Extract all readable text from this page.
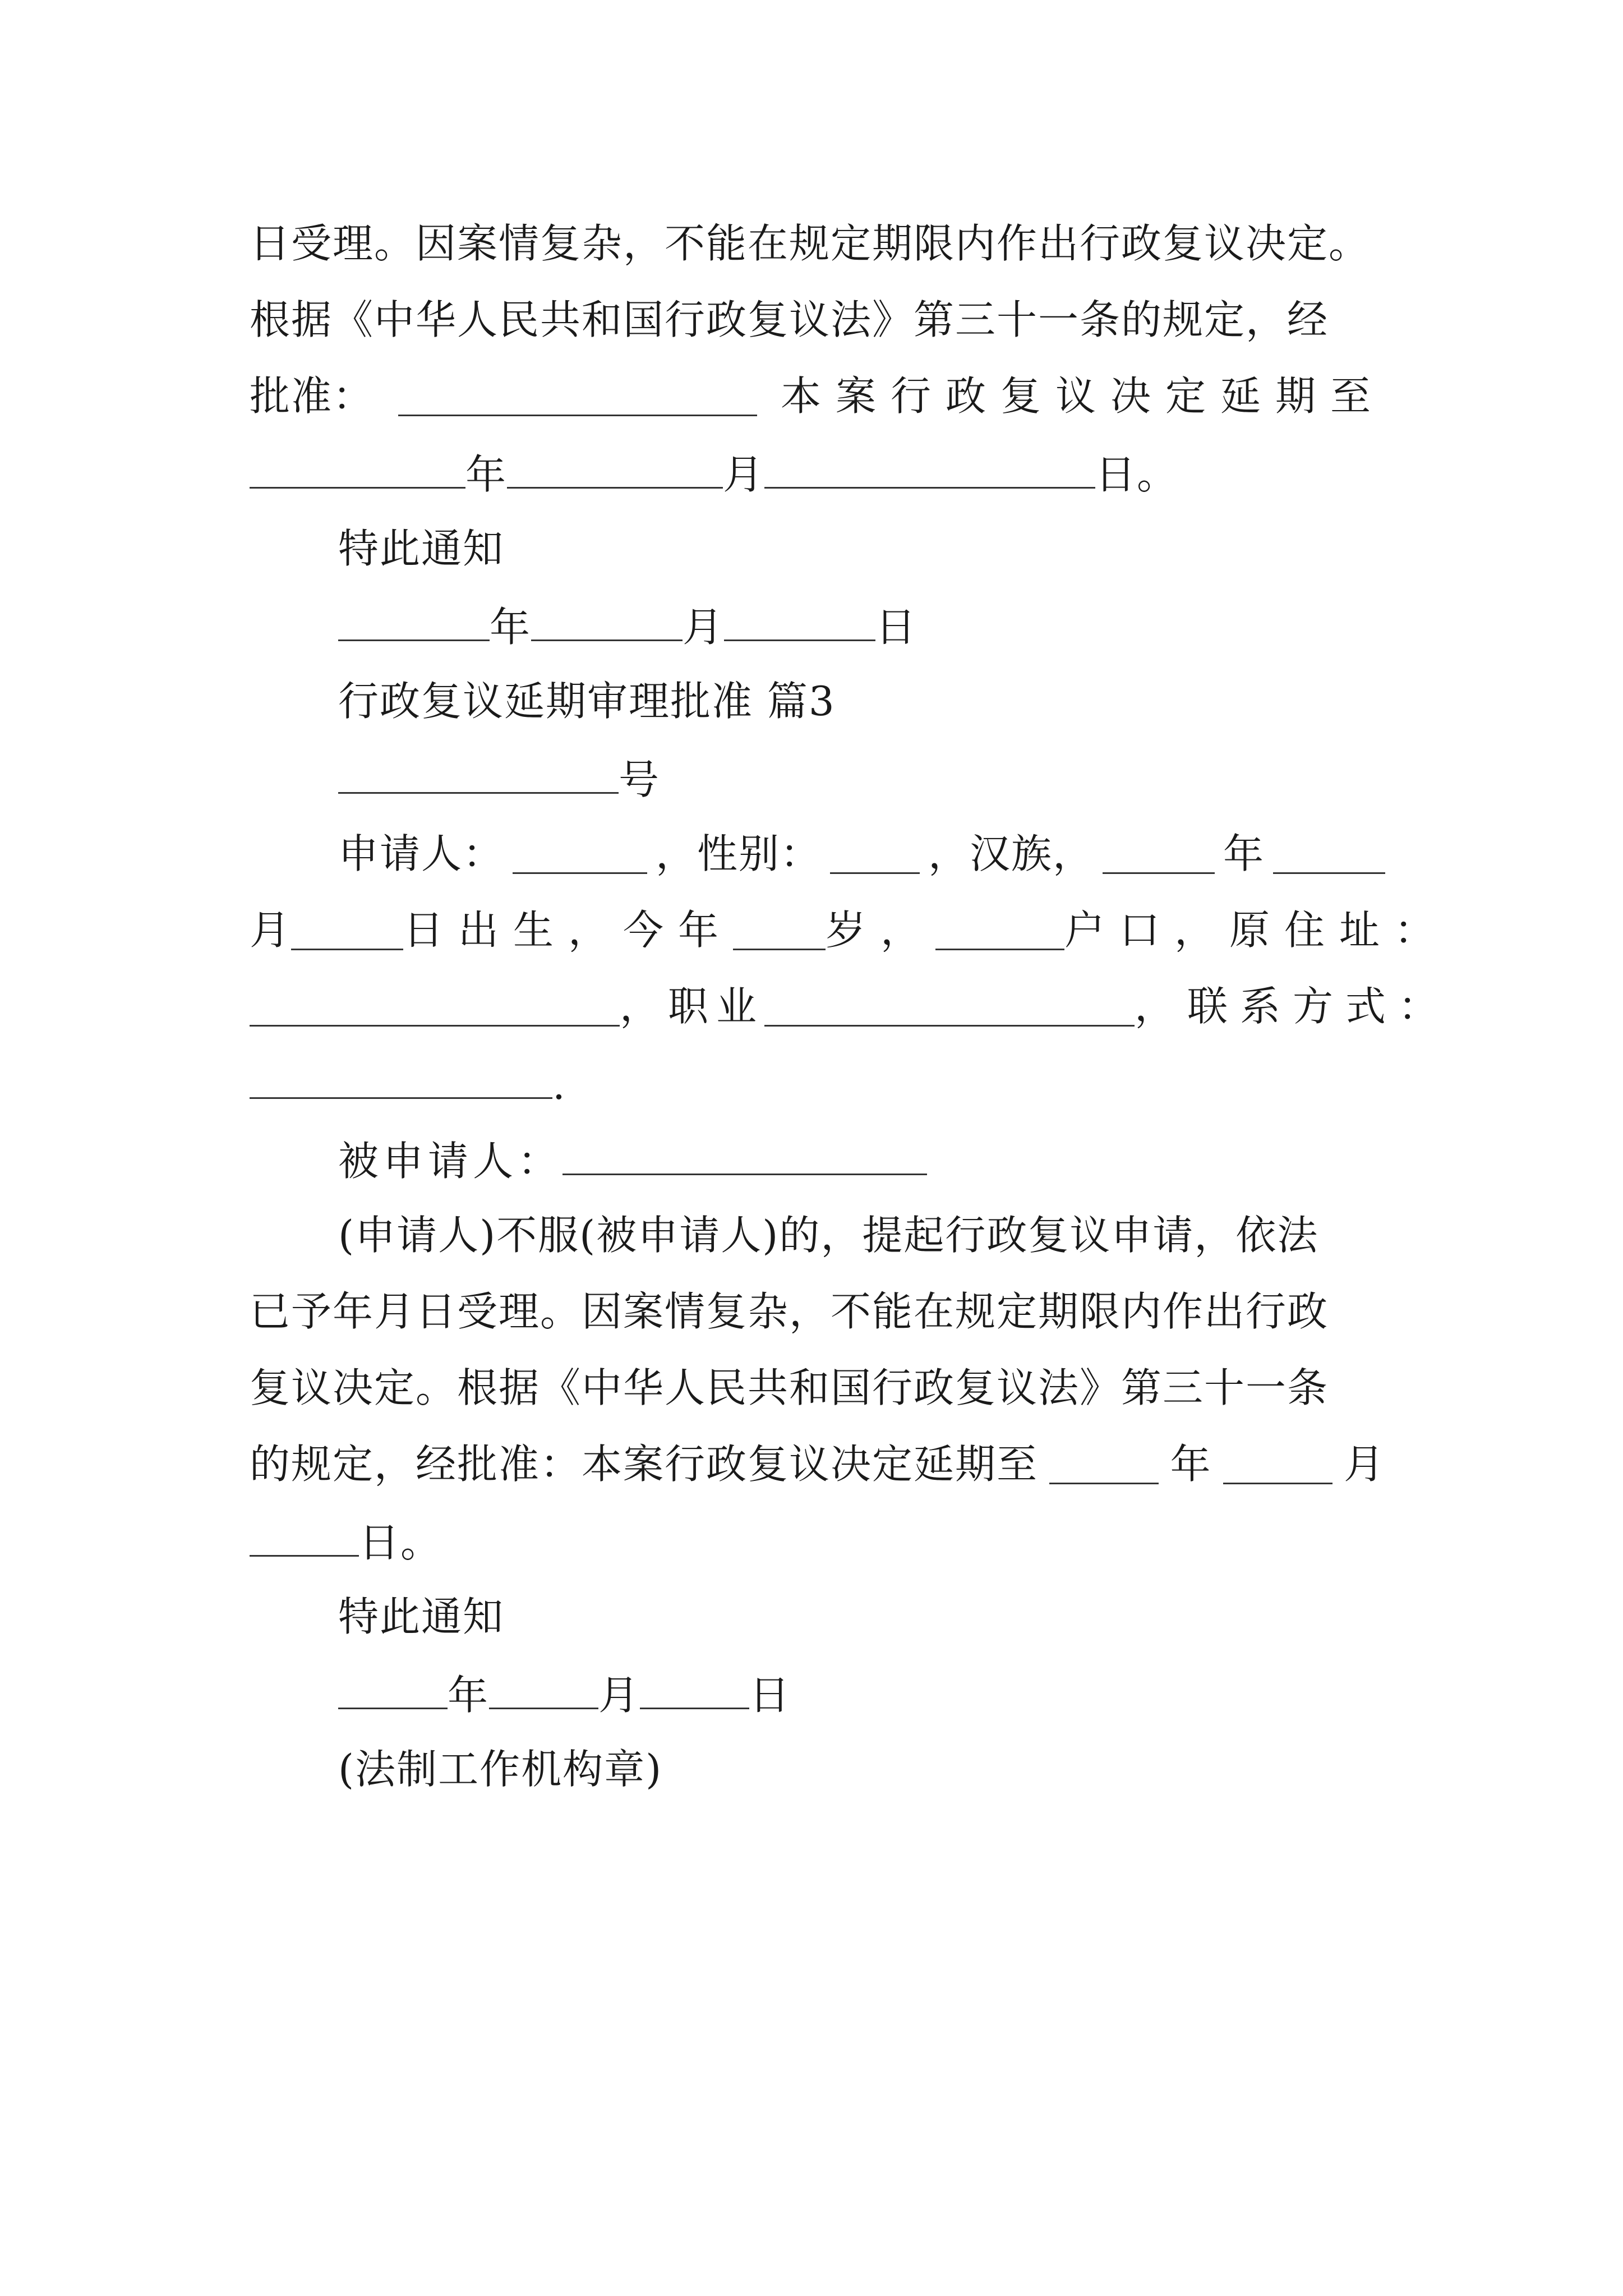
日受理。因案情复杂，不能在规定期限内作出行政复议决定。

根据《中华人民共和国行政复议法》第三十一条的规定，经

批准：	本案行政复议决定延期至
年	月	日。

特此通知

年	月	日

行政复议延期审理批准 篇3

号
申请人：	，性别：	，汉族，	年
月	日出生，今年 岁，	户口，原住址：
，职业	，联系方式：
.
被申请人：

(申请人)不服(被申请人)的，提起行政复议申请，依法

已予年月日受理。因案情复杂，不能在规定期限内作出行政

复议决定。根据《中华人民共和国行政复议法》第三十一条

的规定，经批准：本案行政复议决定延期至	年	月
日。

特此通知

年	月	日

(法制工作机构章)
